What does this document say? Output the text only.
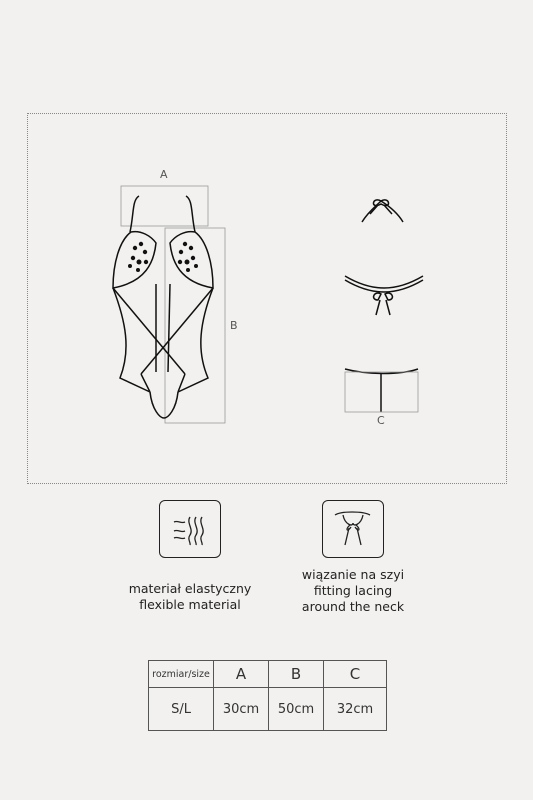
A
B
C
materiał elastyczny
flexible material
wiązanie na szyi
fitting lacing
around the neck
rozmiar/size	A	B	C
S/L	30cm	50cm	32cm
